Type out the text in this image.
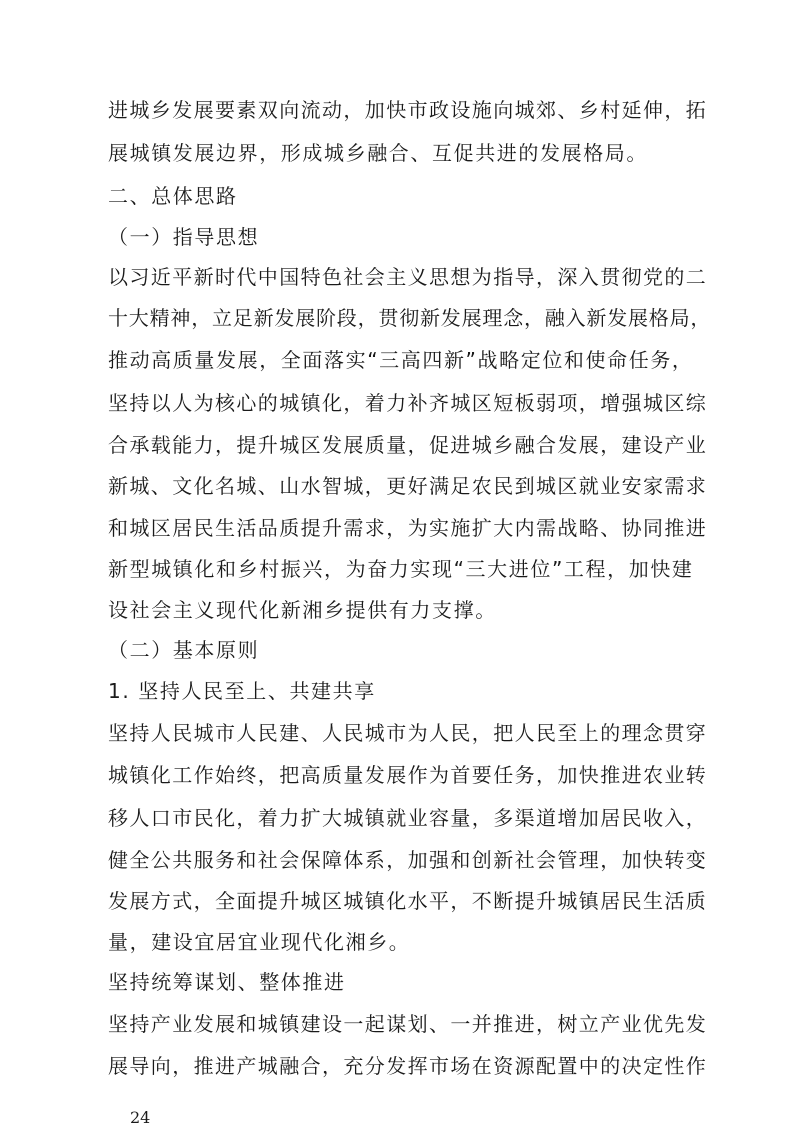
进城乡发展要素双向流动，加快市政设施向城郊、乡村延伸，拓
展城镇发展边界，形成城乡融合、互促共进的发展格局。
二、总体思路
（一）指导思想
以习近平新时代中国特色社会主义思想为指导，深入贯彻党的二
十大精神，立足新发展阶段，贯彻新发展理念，融入新发展格局，
推动高质量发展，全面落实“三高四新”战略定位和使命任务，
坚持以人为核心的城镇化，着力补齐城区短板弱项，增强城区综
合承载能力，提升城区发展质量，促进城乡融合发展，建设产业
新城、文化名城、山水智城，更好满足农民到城区就业安家需求
和城区居民生活品质提升需求，为实施扩大内需战略、协同推进
新型城镇化和乡村振兴，为奋力实现“三大进位”工程，加快建
设社会主义现代化新湘乡提供有力支撑。
（二）基本原则
1. 坚持人民至上、共建共享
坚持人民城市人民建、人民城市为人民，把人民至上的理念贯穿
城镇化工作始终，把高质量发展作为首要任务，加快推进农业转
移人口市民化，着力扩大城镇就业容量，多渠道增加居民收入，
健全公共服务和社会保障体系，加强和创新社会管理，加快转变
发展方式，全面提升城区城镇化水平，不断提升城镇居民生活质
量，建设宜居宜业现代化湘乡。
坚持统筹谋划、整体推进
坚持产业发展和城镇建设一起谋划、一并推进，树立产业优先发
展导向，推进产城融合，充分发挥市场在资源配置中的决定性作
24
